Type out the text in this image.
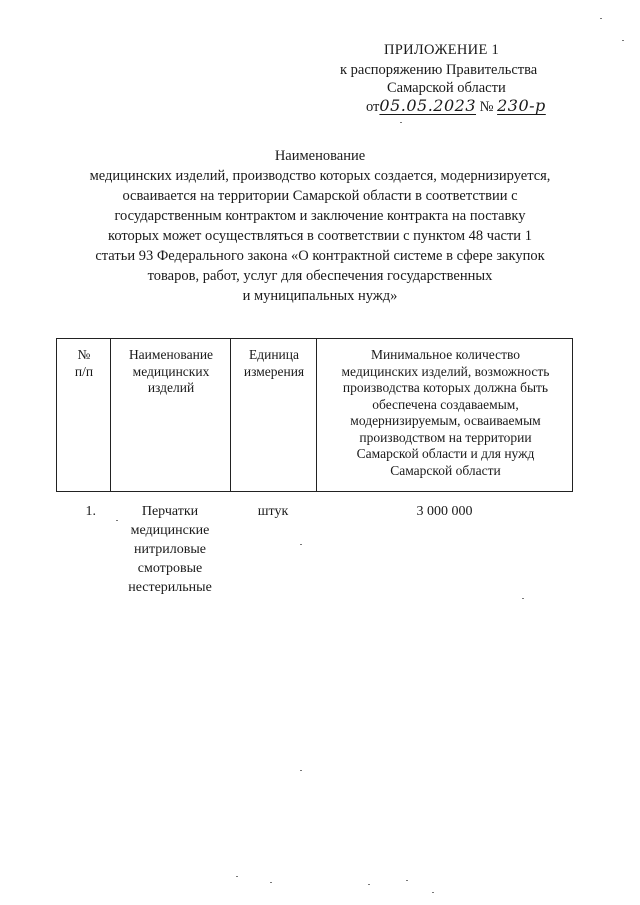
ПРИЛОЖЕНИЕ 1
к распоряжению Правительства
Самарской области
от05.05.2023 № 230-р
Наименование
медицинских изделий, производство которых создается, модернизируется,
осваивается на территории Самарской области в соответствии с
государственным контрактом и заключение контракта на поставку
которых может осуществляться в соответствии с пунктом 48 части 1
статьи 93 Федерального закона «О контрактной системе в сфере закупок
товаров, работ, услуг для обеспечения государственных
и муниципальных нужд»
№
п/п
Наименование
медицинских
изделий
Единица
измерения
Минимальное количество
медицинских изделий, возможность
производства которых должна быть
обеспечена создаваемым,
модернизируемым, осваиваемым
производством на территории
Самарской области и для нужд
Самарской области
1.	Перчатки
медицинские
нитриловые
смотровые
нестерильные
штук	3 000 000
